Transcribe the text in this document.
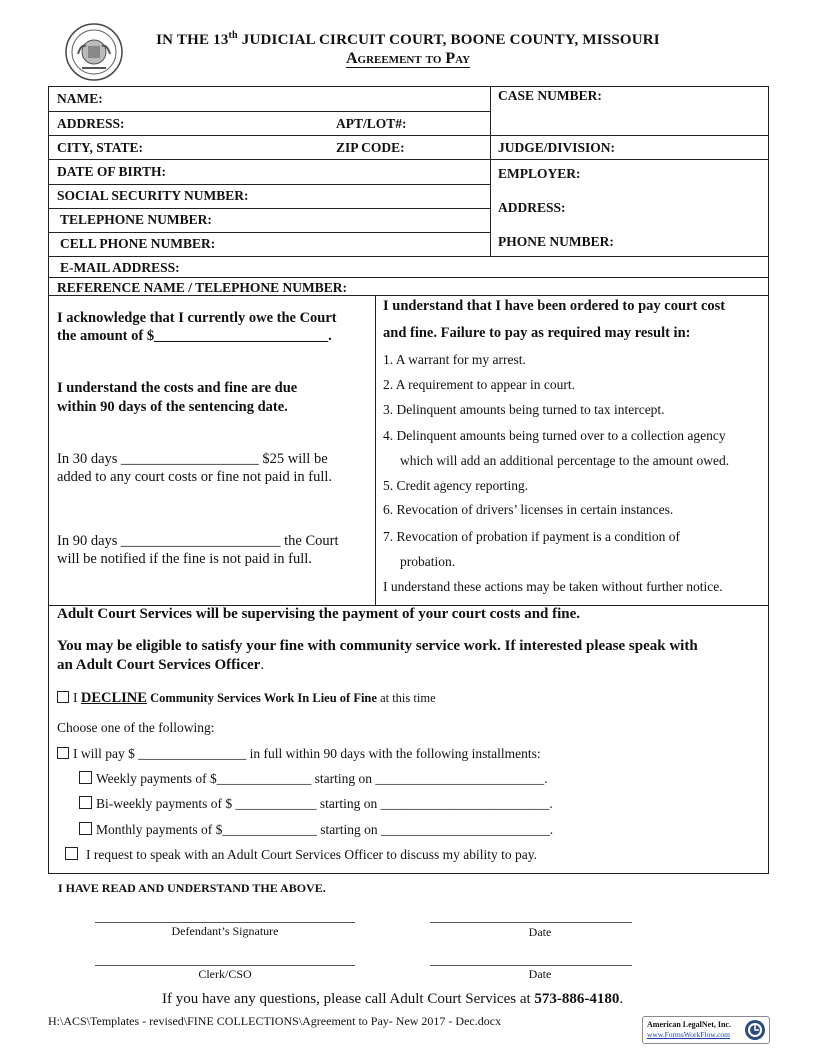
IN THE 13th JUDICIAL CIRCUIT COURT, BOONE COUNTY, MISSOURI
Agreement to Pay
NAME:	CASE NUMBER:
ADDRESS:	APT/LOT#:
CITY, STATE:	ZIP CODE:	JUDGE/DIVISION:
DATE OF BIRTH:	EMPLOYER:
SOCIAL SECURITY NUMBER:
ADDRESS:
TELEPHONE NUMBER:
CELL PHONE NUMBER:	PHONE NUMBER:
E-MAIL ADDRESS:
REFERENCE NAME / TELEPHONE NUMBER:
I acknowledge that I currently owe the Court
the amount of $________________________.
I understand the costs and fine are due
within 90 days of the sentencing date.
In 30 days ___________________ $25 will be
added to any court costs or fine not paid in full.
In 90 days ______________________ the Court
will be notified if the fine is not paid in full.
I understand that I have been ordered to pay court cost
and fine. Failure to pay as required may result in:
1. A warrant for my arrest.
2. A requirement to appear in court.
3. Delinquent amounts being turned to tax intercept.
4. Delinquent amounts being turned over to a collection agency
which will add an additional percentage to the amount owed.
5. Credit agency reporting.
6. Revocation of drivers’ licenses in certain instances.
7. Revocation of probation if payment is a condition of
probation.
I understand these actions may be taken without further notice.
Adult Court Services will be supervising the payment of your court costs and fine.
You may be eligible to satisfy your fine with community service work. If interested please speak with
an Adult Court Services Officer.
I DECLINE Community Services Work In Lieu of Fine at this time
Choose one of the following:
I will pay $ ________________ in full within 90 days with the following installments:
Weekly payments of $______________ starting on _________________________.
Bi-weekly payments of $ ____________ starting on _________________________.
Monthly payments of $______________ starting on _________________________.
I request to speak with an Adult Court Services Officer to discuss my ability to pay.
I HAVE READ AND UNDERSTAND THE ABOVE.
Defendant’s Signature	Date
Clerk/CSO	Date
If you have any questions, please call Adult Court Services at 573-886-4180.
H:\ACS\Templates - revised\FINE COLLECTIONS\Agreement to Pay- New 2017 - Dec.docx	American LegalNet, Inc.
www.FormsWorkFlow.com
